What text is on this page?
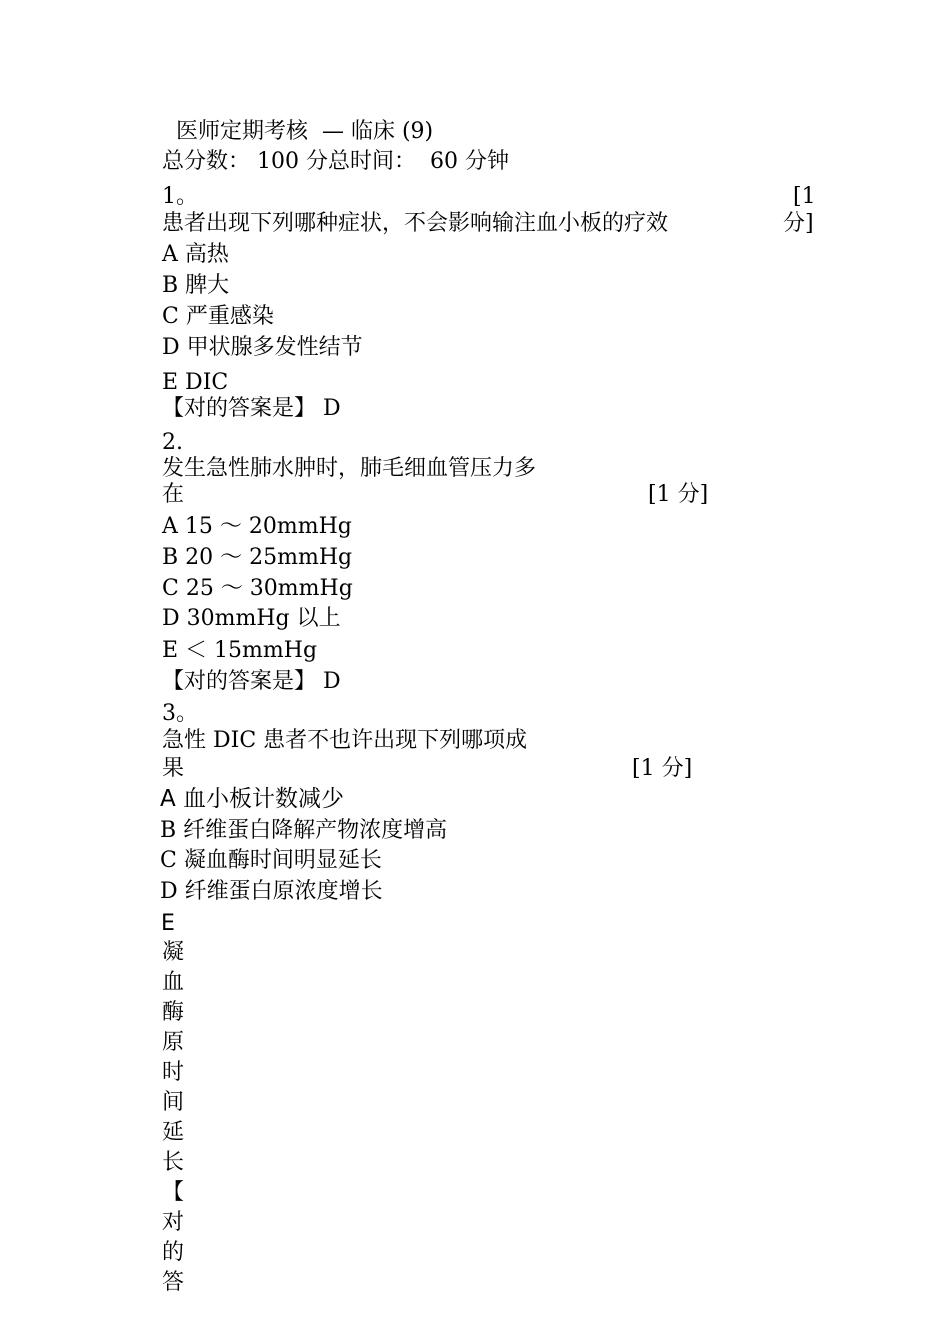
医师定期考核  — 临床 (9)
总分数： 100 分总时间：  60 分钟
1。	[1
患者出现下列哪种症状，不会影响输注血小板的疗效	分]
A 高热
B 脾大
C 严重感染
D 甲状腺多发性结节
E DIC
【对的答案是】 D
2.
发生急性肺水肿时，肺毛细血管压力多
在	[1 分]
A 15 ～ 20mmHg
B 20 ～ 25mmHg
C 25 ～ 30mmHg
D 30mmHg 以上
E ＜ 15mmHg
【对的答案是】 D
3。
急性 DIC 患者不也许出现下列哪项成
果	[1 分]
A 血小板计数减少
B 纤维蛋白降解产物浓度增高
C 凝血酶时间明显延长
D 纤维蛋白原浓度增长
E
凝
血
酶
原
时
间
延
长
【
对
的
答
